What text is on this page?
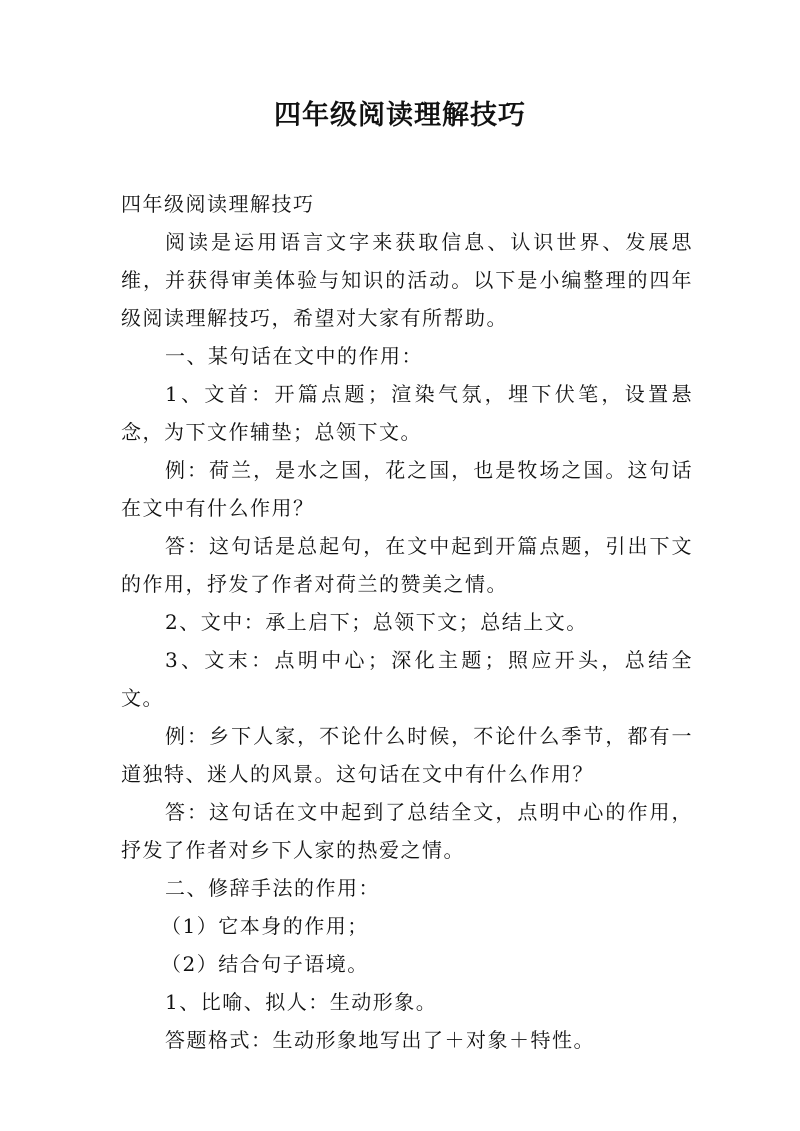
四年级阅读理解技巧

四年级阅读理解技巧

阅读是运用语言文字来获取信息、认识世界、发展思维，并获得审美体验与知识的活动。以下是小编整理的四年级阅读理解技巧，希望对大家有所帮助。

一、某句话在文中的作用：

1、文首：开篇点题；渲染气氛，埋下伏笔，设置悬念，为下文作辅垫；总领下文。

例：荷兰，是水之国，花之国，也是牧场之国。这句话在文中有什么作用？

答：这句话是总起句，在文中起到开篇点题，引出下文的作用，抒发了作者对荷兰的赞美之情。

2、文中：承上启下；总领下文；总结上文。

3、文末：点明中心；深化主题；照应开头，总结全文。

例：乡下人家，不论什么时候，不论什么季节，都有一道独特、迷人的风景。这句话在文中有什么作用？

答：这句话在文中起到了总结全文，点明中心的作用，抒发了作者对乡下人家的热爱之情。

二、修辞手法的作用：

（1）它本身的作用；

（2）结合句子语境。

1、比喻、拟人：生动形象。

答题格式：生动形象地写出了＋对象＋特性。
